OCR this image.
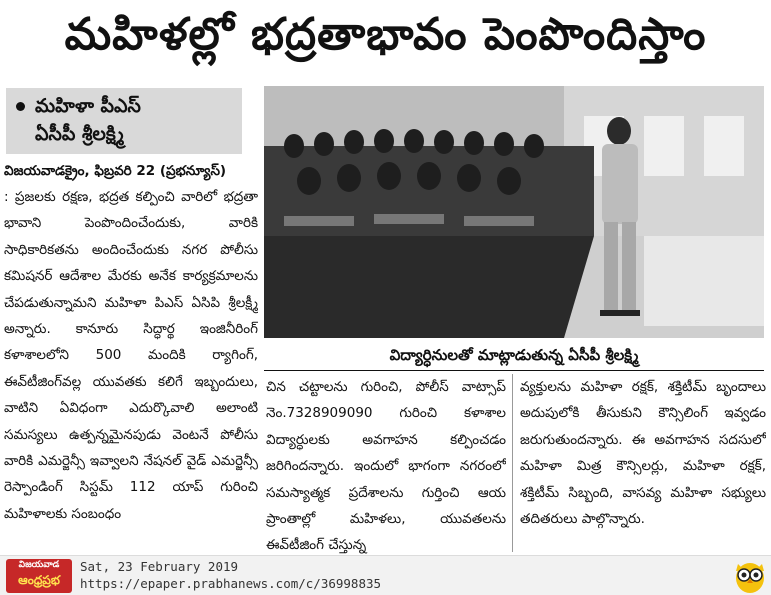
మహిళల్లో భద్రతాభావం పెంపొందిస్తాం
మహిళా పీఎస్
ఏసీపీ శ్రీలక్ష్మి
విజయవాడక్రైం, ఫిబ్రవరి 22 (ప్రభన్యూస్)

: ప్రజలకు రక్షణ, భద్రత కల్పించి వారిలో భద్రతా భావాని పెంపొందించేందుకు, వారికి సాధికారికతను అందించేందుకు నగర పోలీసు కమిషనర్ ఆదేశాల మేరకు అనేక కార్యక్రమాలను చేపడుతున్నామని మహిళా పిఎస్ ఏసిపి శ్రీలక్ష్మీ అన్నారు. కానూరు సిద్ధార్థ ఇంజినీరింగ్ కళాశాలలోని 500 మందికి ర్యాగింగ్, ఈవ్‌టీజింగ్‌వల్ల యువతకు కలిగే ఇబ్బందులు, వాటిని ఏవిధంగా ఎదుర్కొవాలి అలాంటి సమస్యలు ఉత్పన్నమైనపుడు వెంటనే పోలీసు వారికి ఎమర్జెన్సీ ఇవ్వాలని నేషనల్ వైడ్ ఎమర్జెన్సీ రెస్పాండింగ్ సిస్టమ్ 112 యాప్ గురించి మహిళాలకు సంబంధం

విద్యార్ధినులతో మాట్లాడుతున్న ఏసీపీ శ్రీలక్ష్మి

చిన చట్టాలను గురించి, పోలీస్ వాట్సాప్ నెం.7328909090 గురించి కళాశాల విద్యార్ధులకు అవగాహన కల్పించడం జరిగిందన్నారు. ఇందులో భాగంగా నగరంలో సమస్యాత్మక ప్రదేశాలను గుర్తించి ఆయ ప్రాంతాల్లో మహిళలు, యువతలను ఈవ్‌టీజింగ్ చేస్తున్న

వ్యక్తులను మహిళా రక్షక్, శక్తిటీమ్ బృందాలు అదుపులోకి తీసుకుని కౌన్సిలింగ్ ఇవ్వడం జరుగుతుందన్నారు. ఈ అవగాహన సదసులో మహిళా మిత్ర కౌన్సిలర్లు, మహిళా రక్షక్, శక్తిటీమ్ సిబ్బంది, వాసవ్య మహిళా సభ్యులు తదితరులు పాల్గొన్నారు.

విజయవాడ
ఆంధ్రప్రభ
Sat, 23 February 2019
https://epaper.prabhanews.com/c/36998835
